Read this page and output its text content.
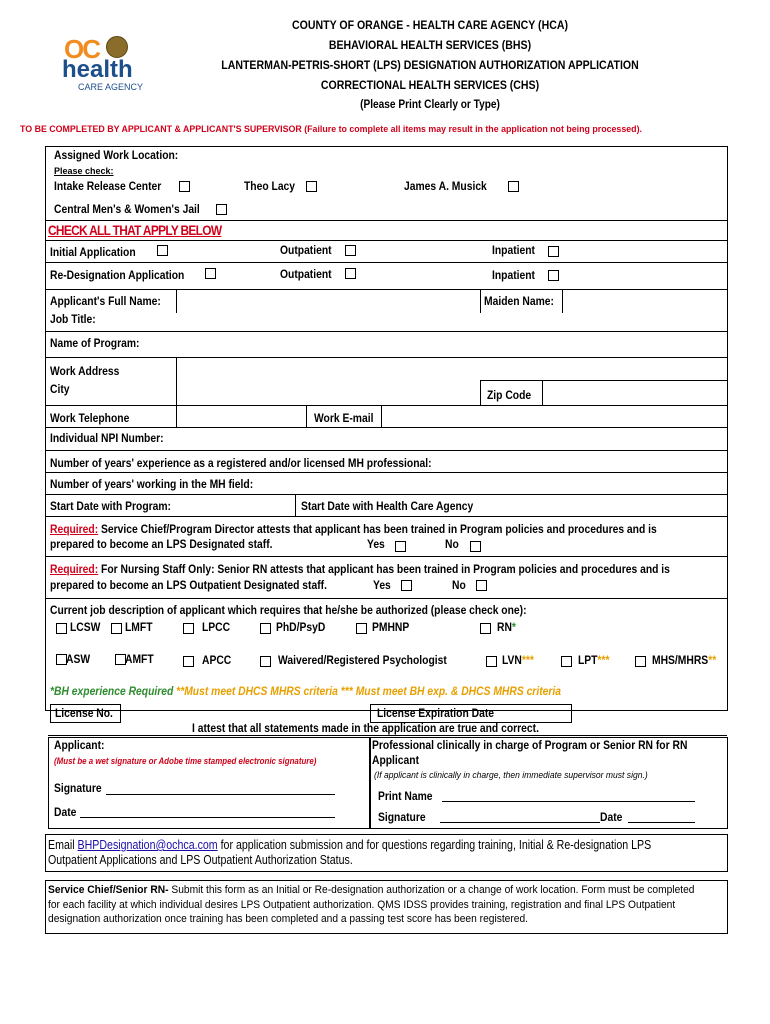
OC
health
CARE AGENCY
COUNTY OF ORANGE - HEALTH CARE AGENCY (HCA)
BEHAVIORAL HEALTH SERVICES (BHS)
LANTERMAN-PETRIS-SHORT (LPS) DESIGNATION AUTHORIZATION APPLICATION
CORRECTIONAL HEALTH SERVICES (CHS)
(Please Print Clearly or Type)
TO BE COMPLETED BY APPLICANT & APPLICANT'S SUPERVISOR (Failure to complete all items may result in the application not being processed).
Assigned Work Location:
Please check:
Intake Release Center	Theo Lacy	James A. Musick
Central Men's & Women's Jail
CHECK ALL THAT APPLY BELOW
Initial Application	Outpatient	Inpatient
Re-Designation Application	Outpatient	Inpatient
Applicant's Full Name:	Maiden Name:
Job Title:
Name of Program:
Work Address
City	Zip Code
Work Telephone	Work E-mail
Individual NPI Number:
Number of years' experience as a registered and/or licensed MH professional:
Number of years' working in the MH field:
Start Date with Program:	Start Date with Health Care Agency
Required: Service Chief/Program Director attests that applicant has been trained in Program policies and procedures and is
prepared to become an LPS Designated staff.	Yes	No
Required: For Nursing Staff Only: Senior RN attests that applicant has been trained in Program policies and procedures and is
prepared to become an LPS Outpatient Designated staff.	Yes	No
Current job description of applicant which requires that he/she be authorized (please check one):
LCSW LMFT	LPCC	PhD/PsyD	PMHNP	RN*
ASW	AMFT	APCC	Waivered/Registered Psychologist	LVN***	LPT***	MHS/MHRS**
*BH experience Required **Must meet DHCS MHRS criteria *** Must meet BH exp. & DHCS MHRS criteria
License No.	License Expiration Date
I attest that all statements made in the application are true and correct.
Applicant:
(Must be a wet signature or Adobe time stamped electronic signature)
Signature
Date
Professional clinically in charge of Program or Senior RN for RN
Applicant
(If applicant is clinically in charge, then immediate supervisor must sign.)
Print Name
Signature	Date
Email BHPDesignation@ochca.com for application submission and for questions regarding training, Initial & Re-designation LPS
Outpatient Applications and LPS Outpatient Authorization Status.
Service Chief/Senior RN- Submit this form as an Initial or Re-designation authorization or a change of work location. Form must be completed
for each facility at which individual desires LPS Outpatient authorization. QMS IDSS provides training, registration and final LPS Outpatient
designation authorization once training has been completed and a passing test score has been registered.
